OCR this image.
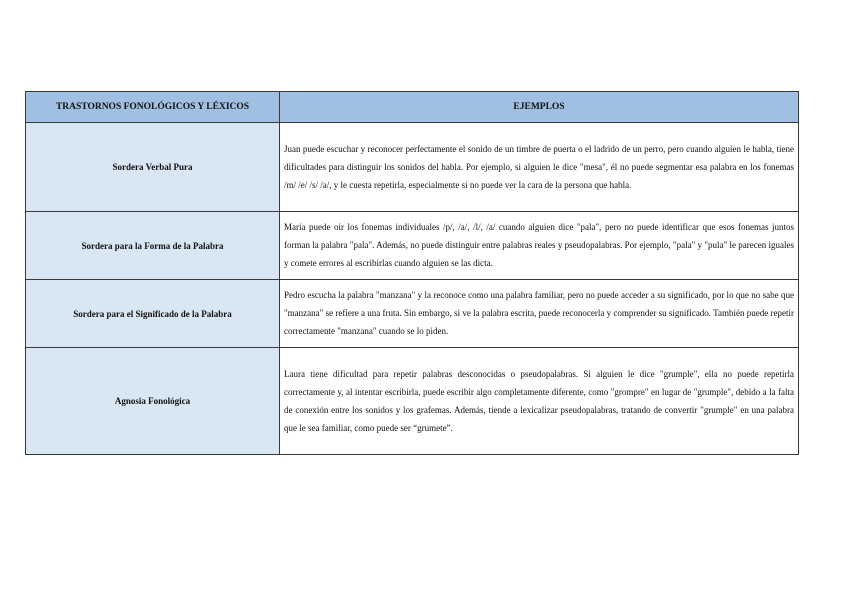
TRASTORNOS FONOLÓGICOS Y LÉXICOS	EJEMPLOS
Sordera Verbal Pura	Juan puede escuchar y reconocer perfectamente el sonido de un timbre de puerta o el ladrido de un perro, pero cuando alguien le habla, tiene dificultades para distinguir los sonidos del habla. Por ejemplo, si alguien le dice "mesa", él no puede segmentar esa palabra en los fonemas /m/ /e/ /s/ /a/, y le cuesta repetirla, especialmente si no puede ver la cara de la persona que habla.
Sordera para la Forma de la Palabra	María puede oír los fonemas individuales /p/, /a/, /l/, /a/ cuando alguien dice "pala", pero no puede identificar que esos fonemas juntos forman la palabra "pala". Además, no puede distinguir entre palabras reales y pseudopalabras. Por ejemplo, "pala" y "pula" le parecen iguales y comete errores al escribirlas cuando alguien se las dicta.
Sordera para el Significado de la Palabra	Pedro escucha la palabra "manzana" y la reconoce como una palabra familiar, pero no puede acceder a su significado, por lo que no sabe que "manzana" se refiere a una fruta. Sin embargo, si ve la palabra escrita, puede reconocerla y comprender su significado. También puede repetir correctamente "manzana" cuando se lo piden.
Agnosia Fonológica	Laura tiene dificultad para repetir palabras desconocidas o pseudopalabras. Si alguien le dice "grumple", ella no puede repetirla correctamente y, al intentar escribirla, puede escribir algo completamente diferente, como "grompre" en lugar de "grumple", debido a la falta de conexión entre los sonidos y los grafemas. Además, tiende a lexicalizar pseudopalabras, tratando de convertir "grumple" en una palabra que le sea familiar, como puede ser “grumete”.
